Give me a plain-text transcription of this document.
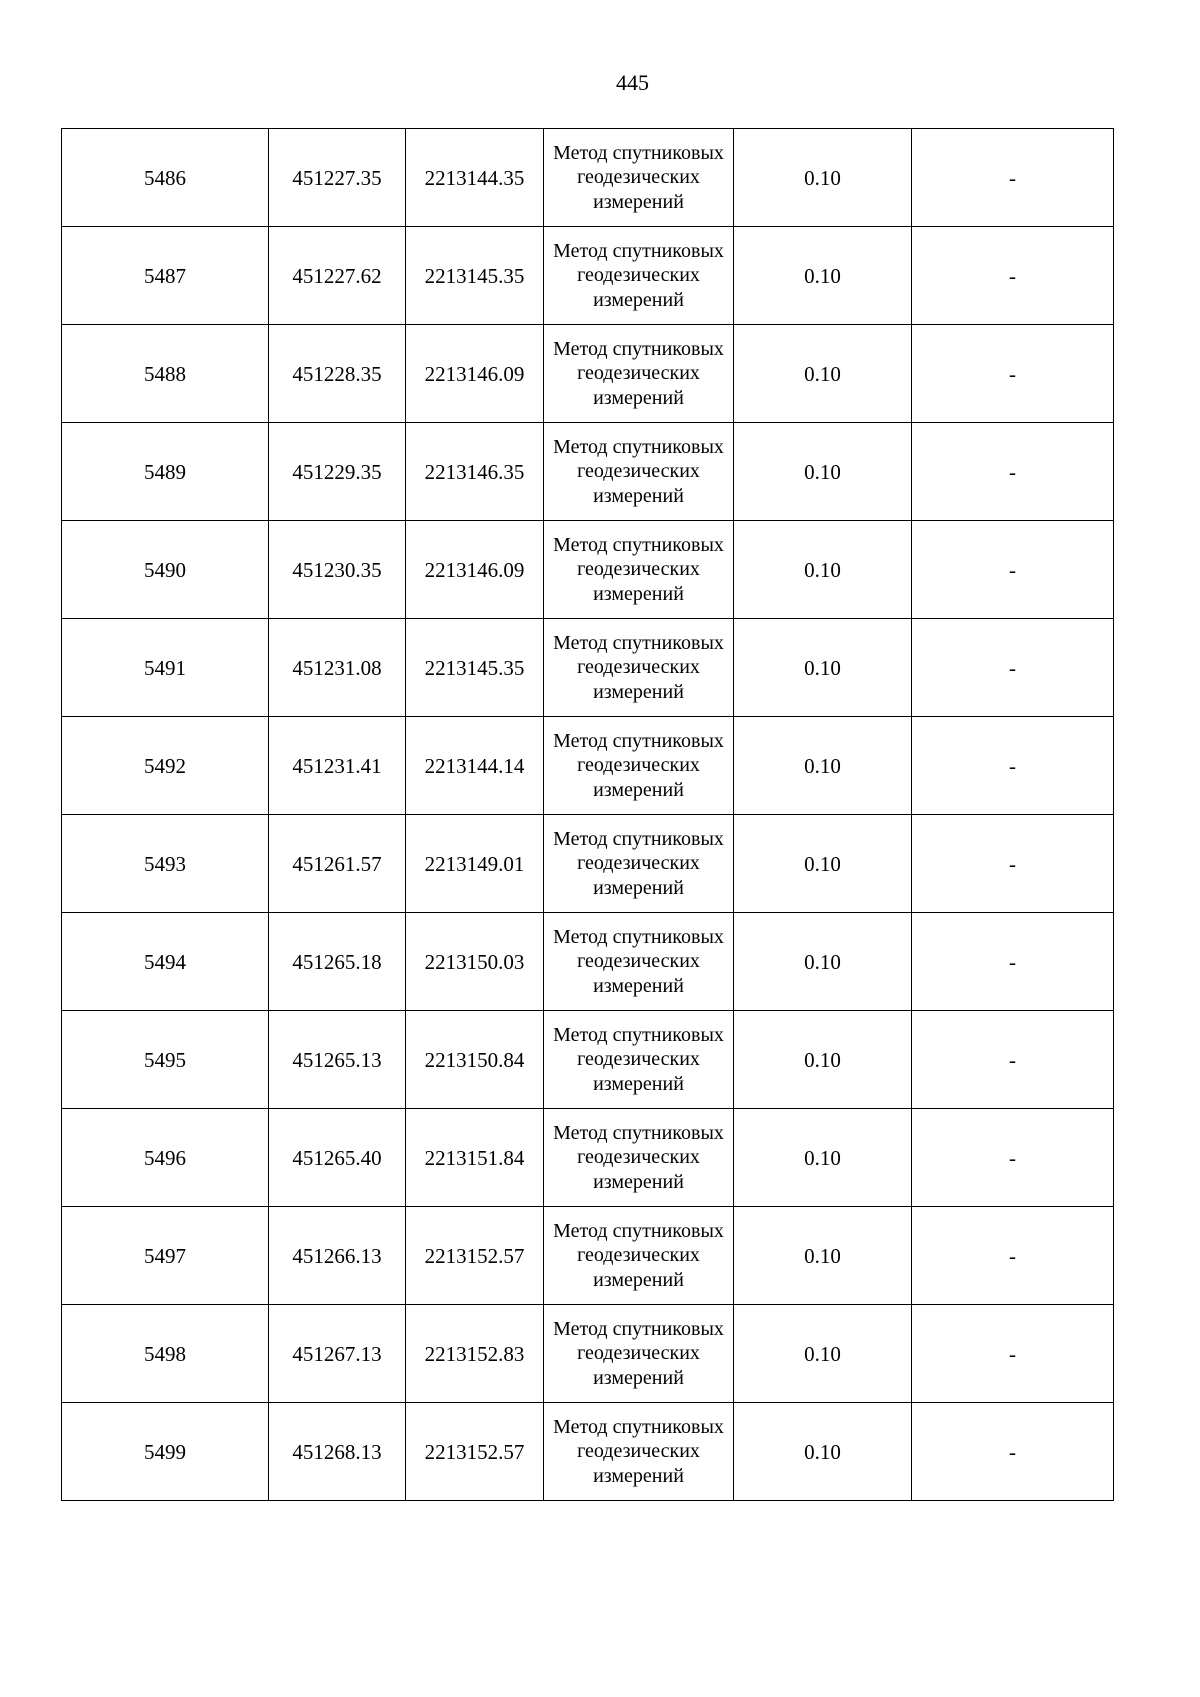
445
5486	451227.35	2213144.35	Метод спутниковых геодезических измерений	0.10	-
5487	451227.62	2213145.35	Метод спутниковых геодезических измерений	0.10	-
5488	451228.35	2213146.09	Метод спутниковых геодезических измерений	0.10	-
5489	451229.35	2213146.35	Метод спутниковых геодезических измерений	0.10	-
5490	451230.35	2213146.09	Метод спутниковых геодезических измерений	0.10	-
5491	451231.08	2213145.35	Метод спутниковых геодезических измерений	0.10	-
5492	451231.41	2213144.14	Метод спутниковых геодезических измерений	0.10	-
5493	451261.57	2213149.01	Метод спутниковых геодезических измерений	0.10	-
5494	451265.18	2213150.03	Метод спутниковых геодезических измерений	0.10	-
5495	451265.13	2213150.84	Метод спутниковых геодезических измерений	0.10	-
5496	451265.40	2213151.84	Метод спутниковых геодезических измерений	0.10	-
5497	451266.13	2213152.57	Метод спутниковых геодезических измерений	0.10	-
5498	451267.13	2213152.83	Метод спутниковых геодезических измерений	0.10	-
5499	451268.13	2213152.57	Метод спутниковых геодезических измерений	0.10	-
